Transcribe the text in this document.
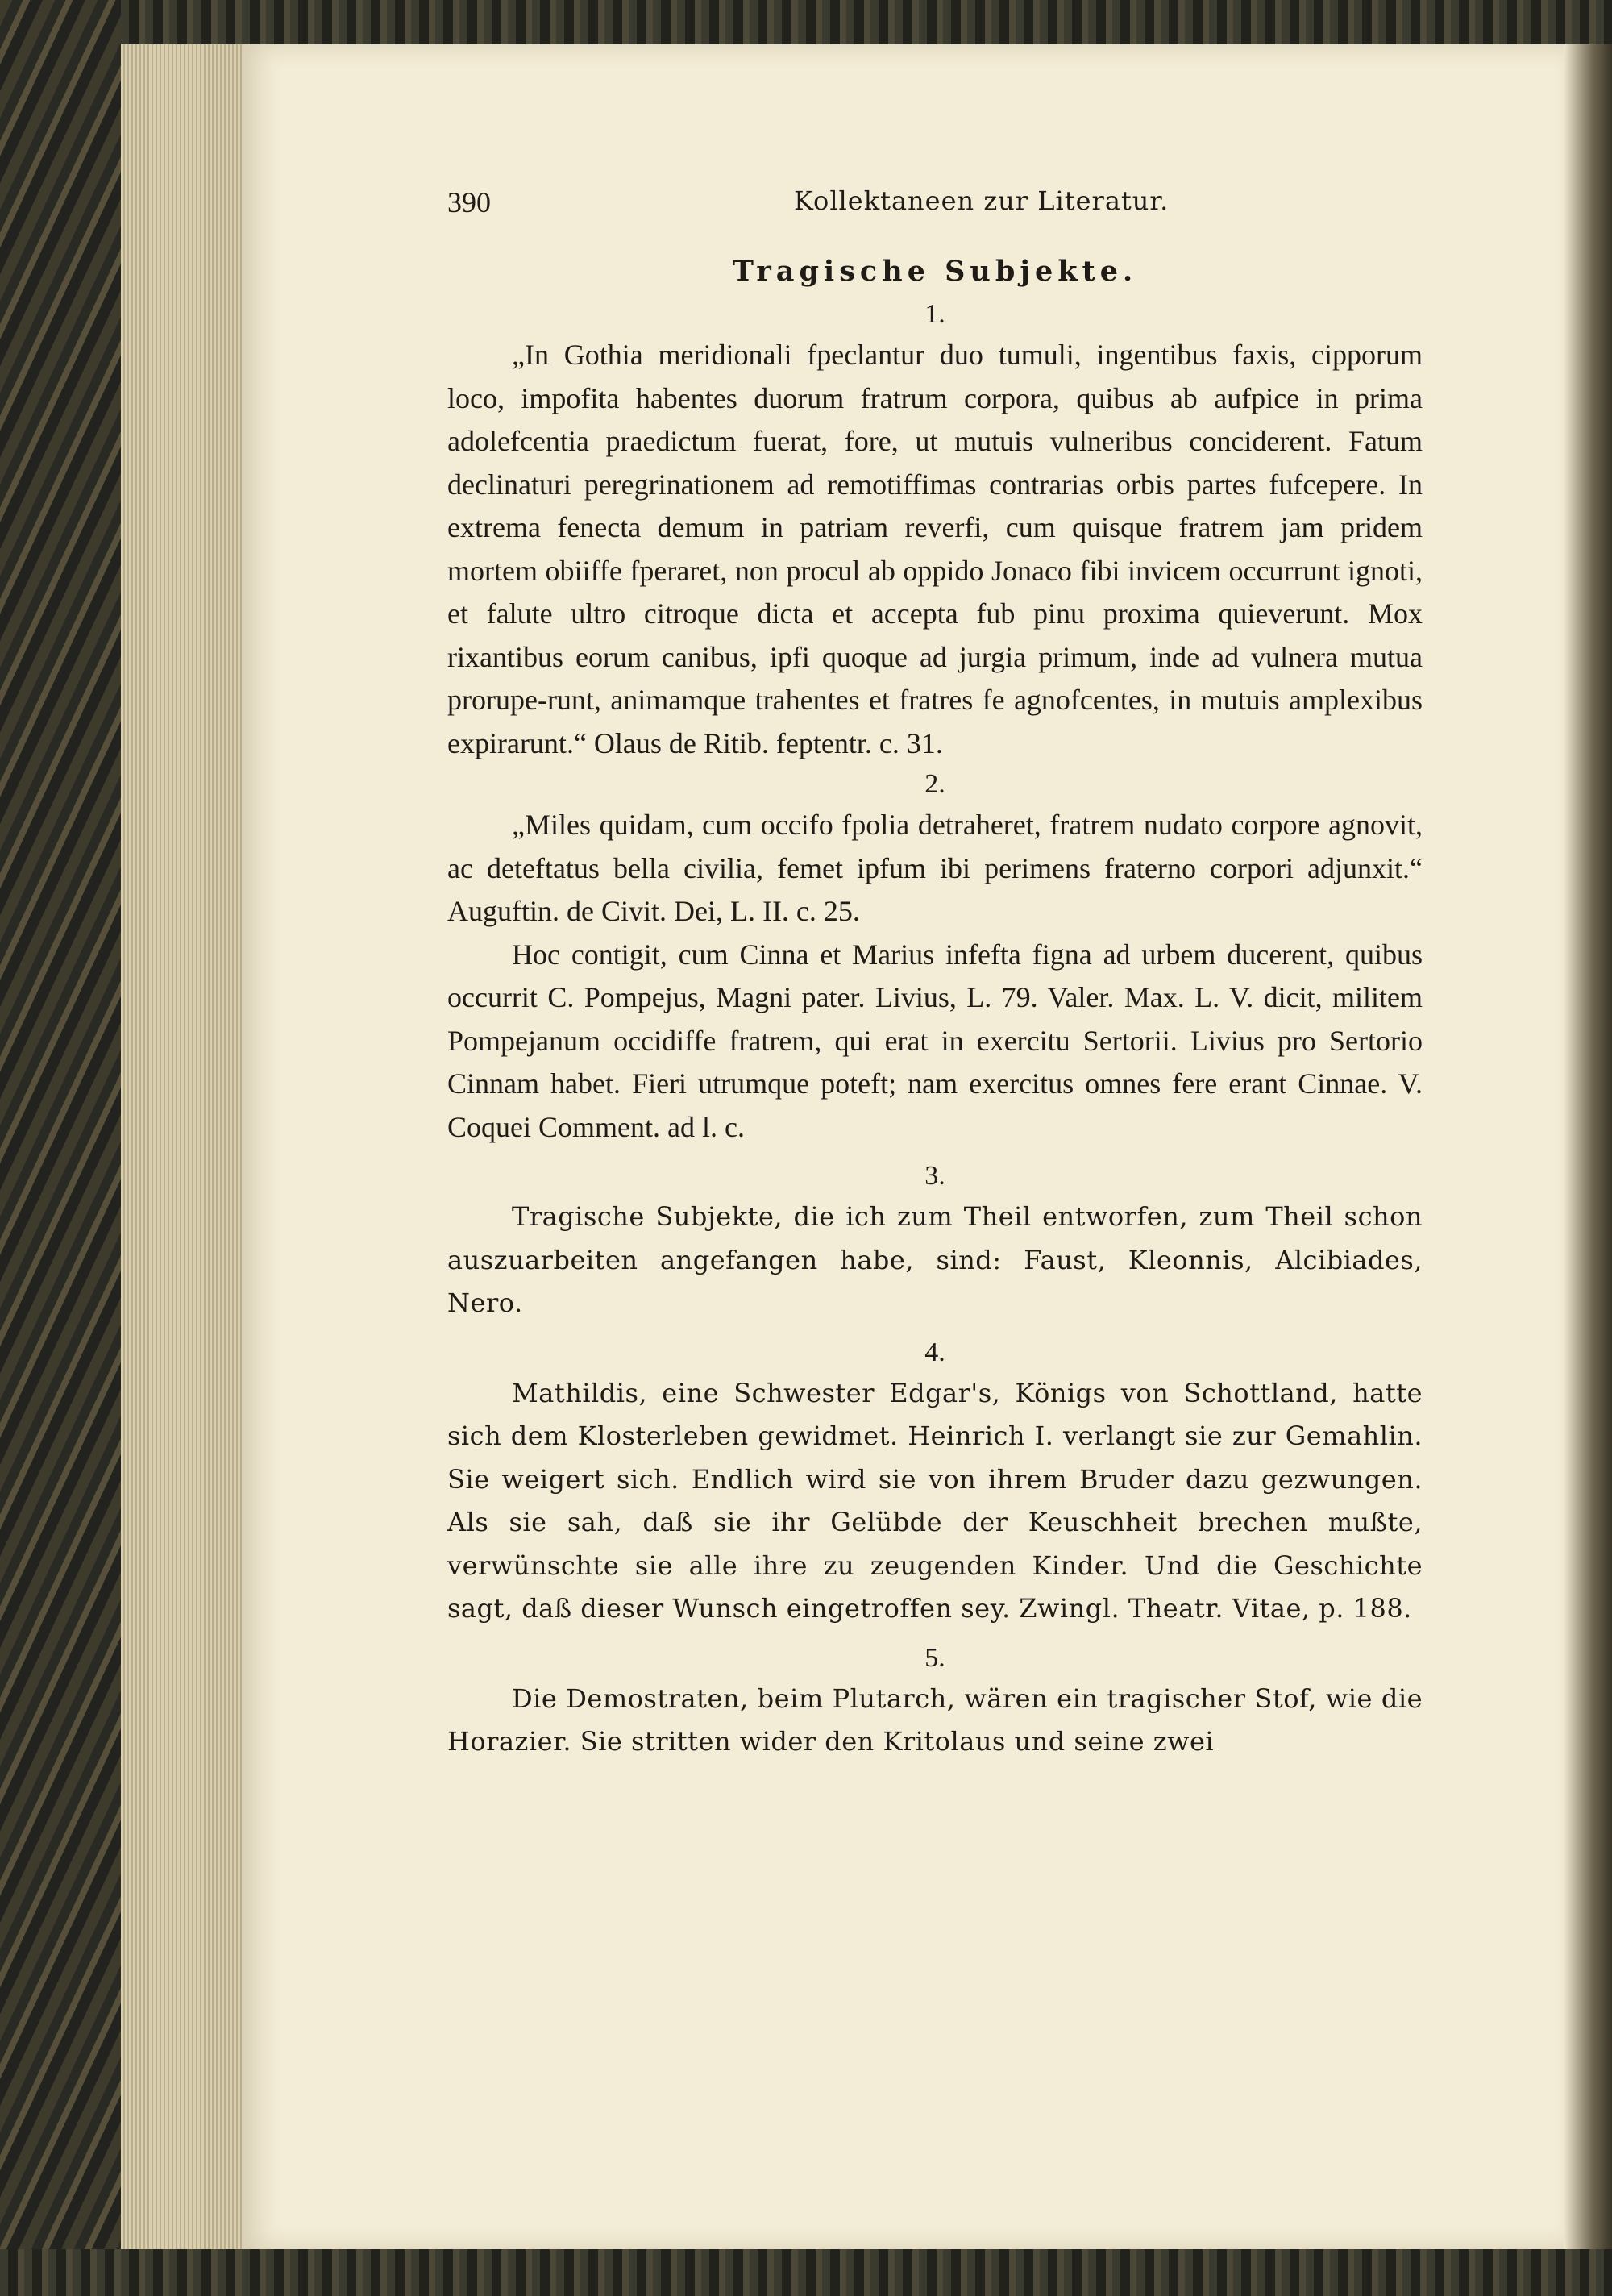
390	Kollektaneen zur Literatur.
Tragische Subjekte.
1.

„In Gothia meridionali fpeclantur duo tumuli, ingentibus faxis, cipporum loco, impofita habentes duorum fratrum corpora, quibus ab aufpice in prima adolefcentia praedictum fuerat, fore, ut mutuis vulneribus conciderent. Fatum declinaturi peregrinationem ad remotiffimas contrarias orbis partes fufcepere. In extrema fenecta demum in patriam reverfi, cum quisque fratrem jam pridem mortem obiiffe fperaret, non procul ab oppido Jonaco fibi invicem occurrunt ignoti, et falute ultro citroque dicta et accepta fub pinu proxima quieverunt. Mox rixantibus eorum canibus, ipfi quoque ad jurgia primum, inde ad vulnera mutua prorupe-runt, animamque trahentes et fratres fe agnofcentes, in mutuis amplexibus expirarunt.“ Olaus de Ritib. feptentr. c. 31.

2.

„Miles quidam, cum occifo fpolia detraheret, fratrem nudato corpore agnovit, ac deteftatus bella civilia, femet ipfum ibi perimens fraterno corpori adjunxit.“ Auguftin. de Civit. Dei, L. II. c. 25.

Hoc contigit, cum Cinna et Marius infefta figna ad urbem ducerent, quibus occurrit C. Pompejus, Magni pater. Livius, L. 79. Valer. Max. L. V. dicit, militem Pompejanum occidiffe fratrem, qui erat in exercitu Sertorii. Livius pro Sertorio Cinnam habet. Fieri utrumque poteft; nam exercitus omnes fere erant Cinnae. V. Coquei Comment. ad l. c.

3.

Tragische Subjekte, die ich zum Theil entworfen, zum Theil schon auszuarbeiten angefangen habe, sind: Faust, Kleonnis, Alcibiades, Nero.

4.

Mathildis, eine Schwester Edgar's, Königs von Schottland, hatte sich dem Klosterleben gewidmet. Heinrich I. verlangt sie zur Gemahlin. Sie weigert sich. Endlich wird sie von ihrem Bruder dazu gezwungen. Als sie sah, daß sie ihr Gelübde der Keuschheit brechen mußte, verwünschte sie alle ihre zu zeugenden Kinder. Und die Geschichte sagt, daß dieser Wunsch eingetroffen sey. Zwingl. Theatr. Vitae, p. 188.

5.

Die Demostraten, beim Plutarch, wären ein tragischer Stof, wie die Horazier. Sie stritten wider den Kritolaus und seine zwei
